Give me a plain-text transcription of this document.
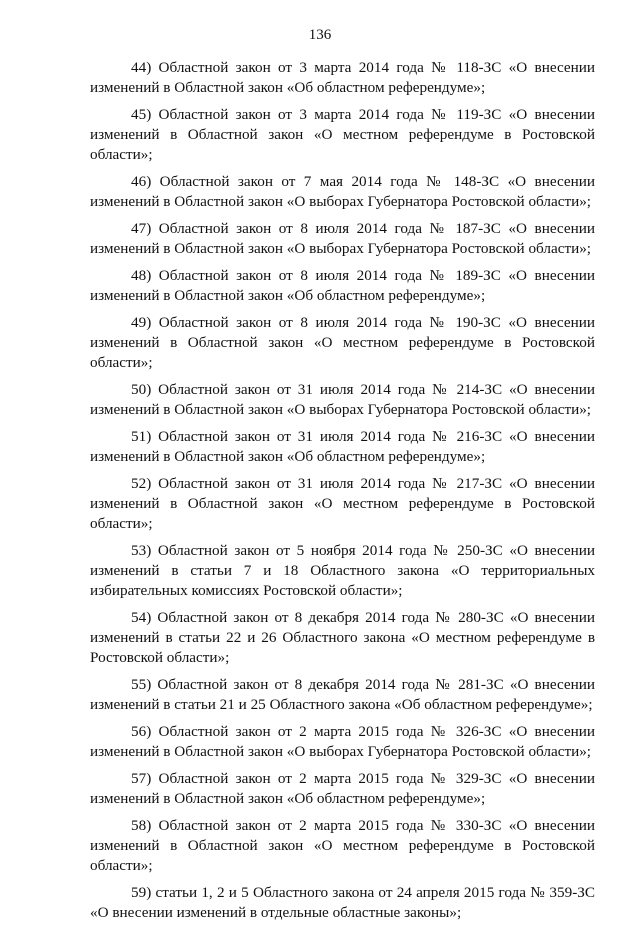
136

44) Областной закон от 3 марта 2014 года № 118-ЗС «О внесении изменений в Областной закон «Об областном референдуме»;

45) Областной закон от 3 марта 2014 года № 119-ЗС «О внесении изменений в Областной закон «О местном референдуме в Ростовской области»;

46) Областной закон от 7 мая 2014 года № 148-ЗС «О внесении изменений в Областной закон «О выборах Губернатора Ростовской области»;

47) Областной закон от 8 июля 2014 года № 187-ЗС «О внесении изменений в Областной закон «О выборах Губернатора Ростовской области»;

48) Областной закон от 8 июля 2014 года № 189-ЗС «О внесении изменений в Областной закон «Об областном референдуме»;

49) Областной закон от 8 июля 2014 года № 190-ЗС «О внесении изменений в Областной закон «О местном референдуме в Ростовской области»;

50) Областной закон от 31 июля 2014 года № 214-ЗС «О внесении изменений в Областной закон «О выборах Губернатора Ростовской области»;

51) Областной закон от 31 июля 2014 года № 216-ЗС «О внесении изменений в Областной закон «Об областном референдуме»;

52) Областной закон от 31 июля 2014 года № 217-ЗС «О внесении изменений в Областной закон «О местном референдуме в Ростовской области»;

53) Областной закон от 5 ноября 2014 года № 250-ЗС «О внесении изменений в статьи 7 и 18 Областного закона «О территориальных избирательных комиссиях Ростовской области»;

54) Областной закон от 8 декабря 2014 года № 280-ЗС «О внесении изменений в статьи 22 и 26 Областного закона «О местном референдуме в Ростовской области»;

55) Областной закон от 8 декабря 2014 года № 281-ЗС «О внесении изменений в статьи 21 и 25 Областного закона «Об областном референдуме»;

56) Областной закон от 2 марта 2015 года № 326-ЗС «О внесении изменений в Областной закон «О выборах Губернатора Ростовской области»;

57) Областной закон от 2 марта 2015 года № 329-ЗС «О внесении изменений в Областной закон «Об областном референдуме»;

58) Областной закон от 2 марта 2015 года № 330-ЗС «О внесении изменений в Областной закон «О местном референдуме в Ростовской области»;

59) статьи 1, 2 и 5 Областного закона от 24 апреля 2015 года № 359-ЗС «О внесении изменений в отдельные областные законы»;
